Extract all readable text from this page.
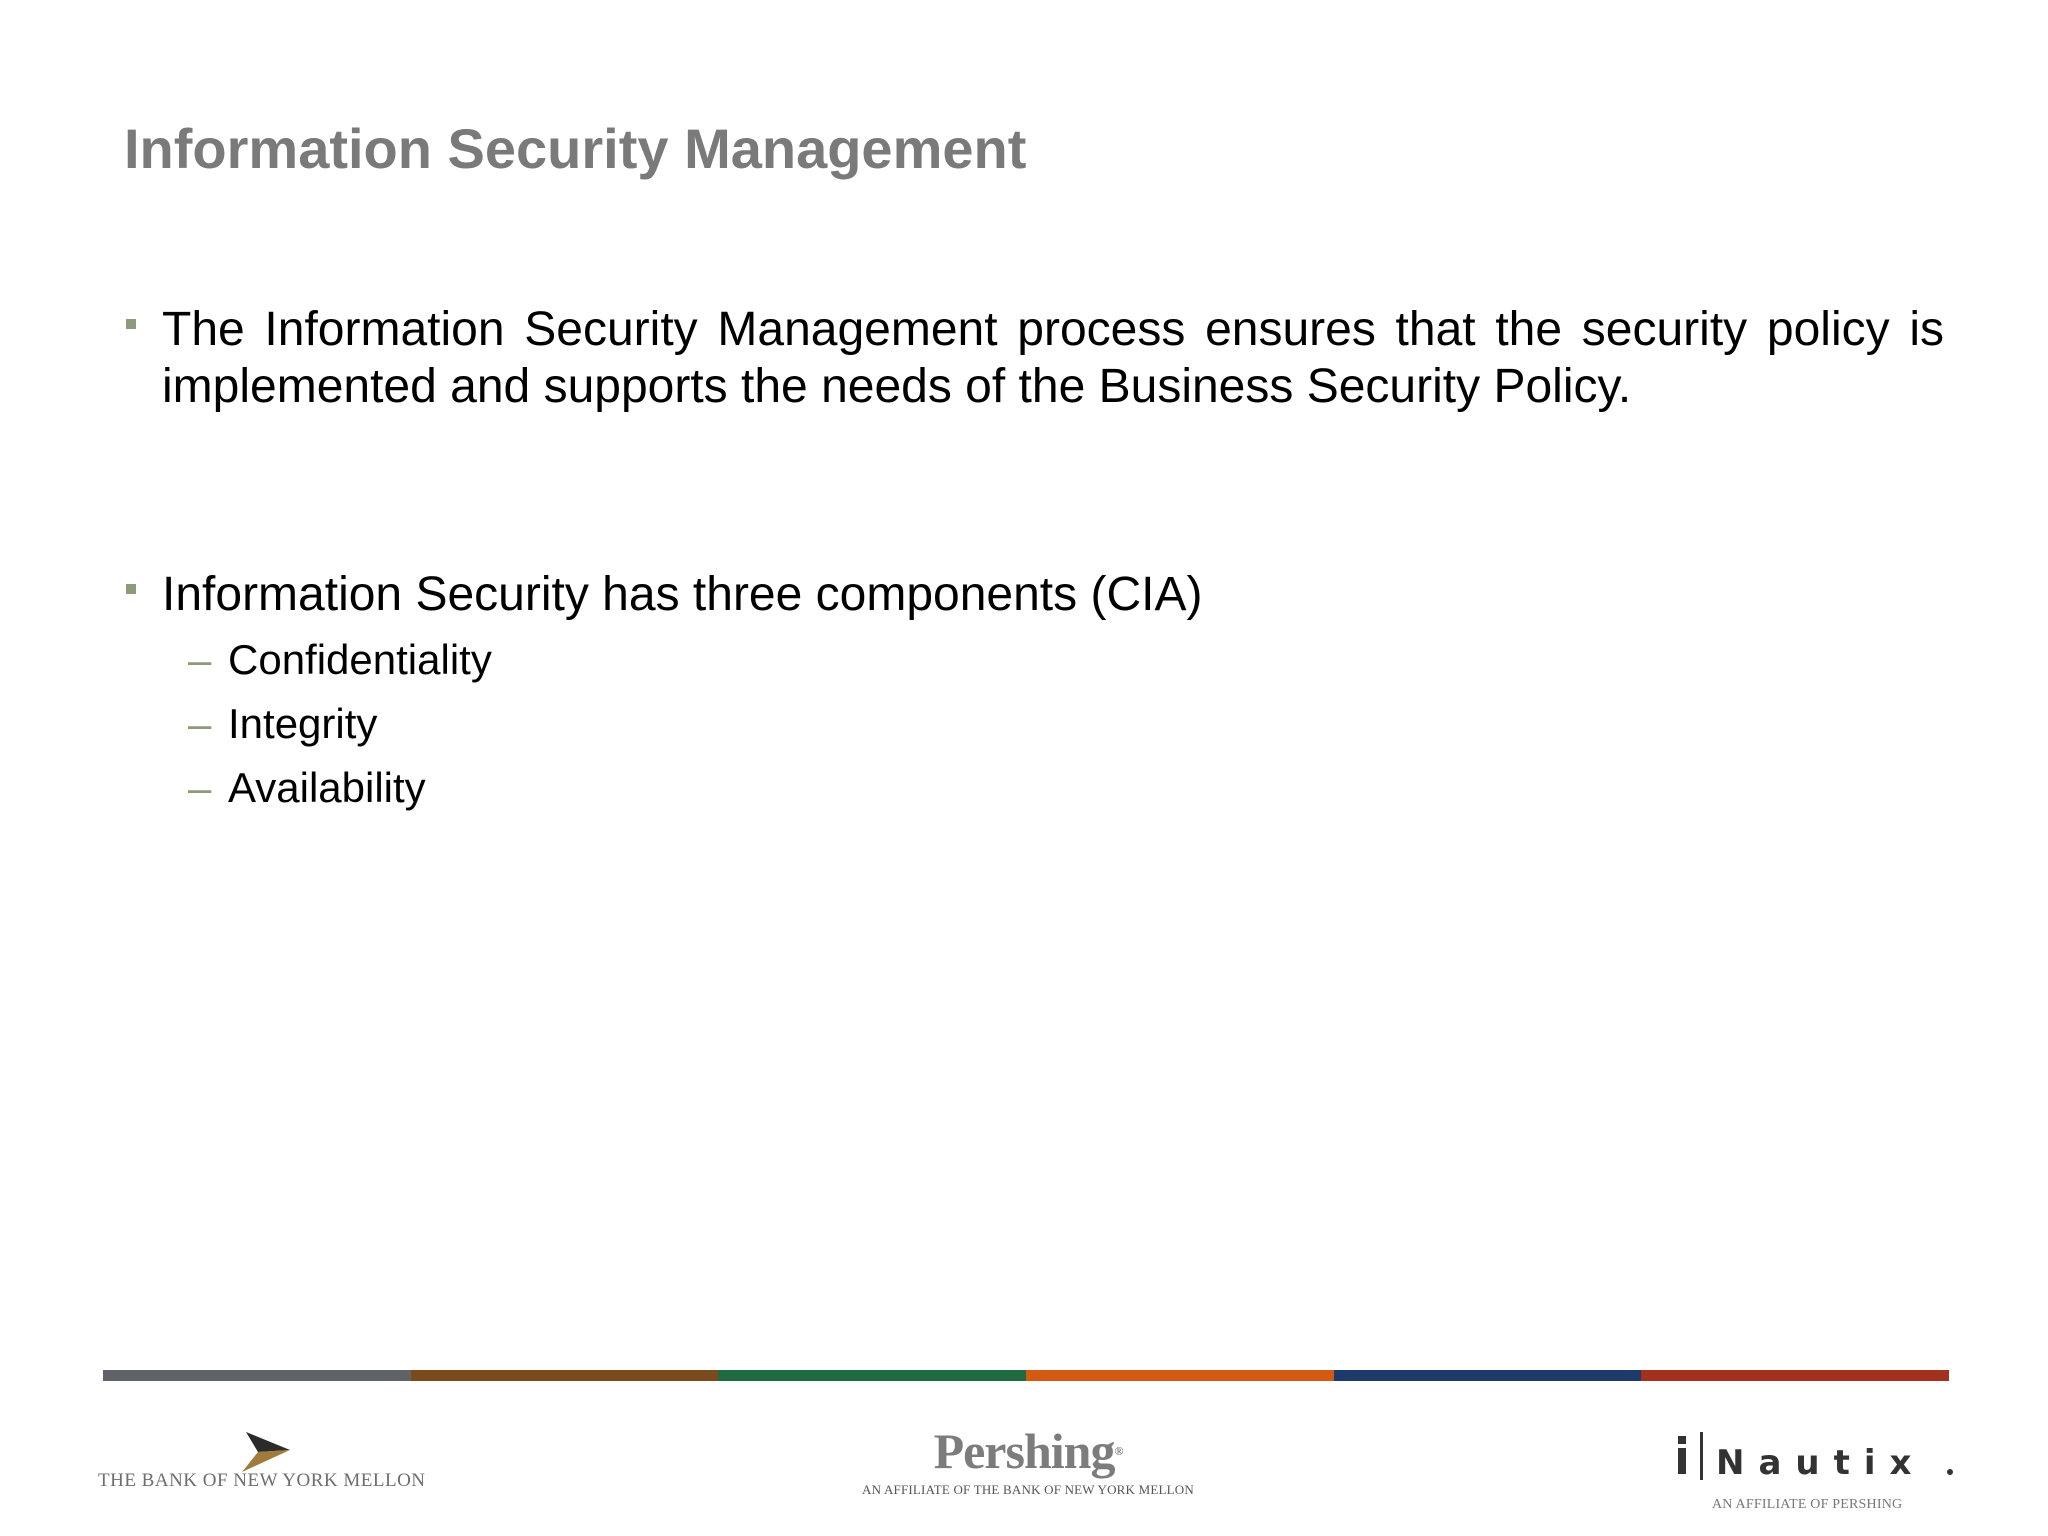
Information Security Management
The Information Security Management process ensures that the security policy is implemented and supports the needs of the Business Security Policy.
Information Security has three components (CIA)
– Confidentiality
– Integrity
– Availability
THE BANK OF NEW YORK MELLON
Pershing®
AN AFFILIATE OF THE BANK OF NEW YORK MELLON
Nautix
AN AFFILIATE OF PERSHING
